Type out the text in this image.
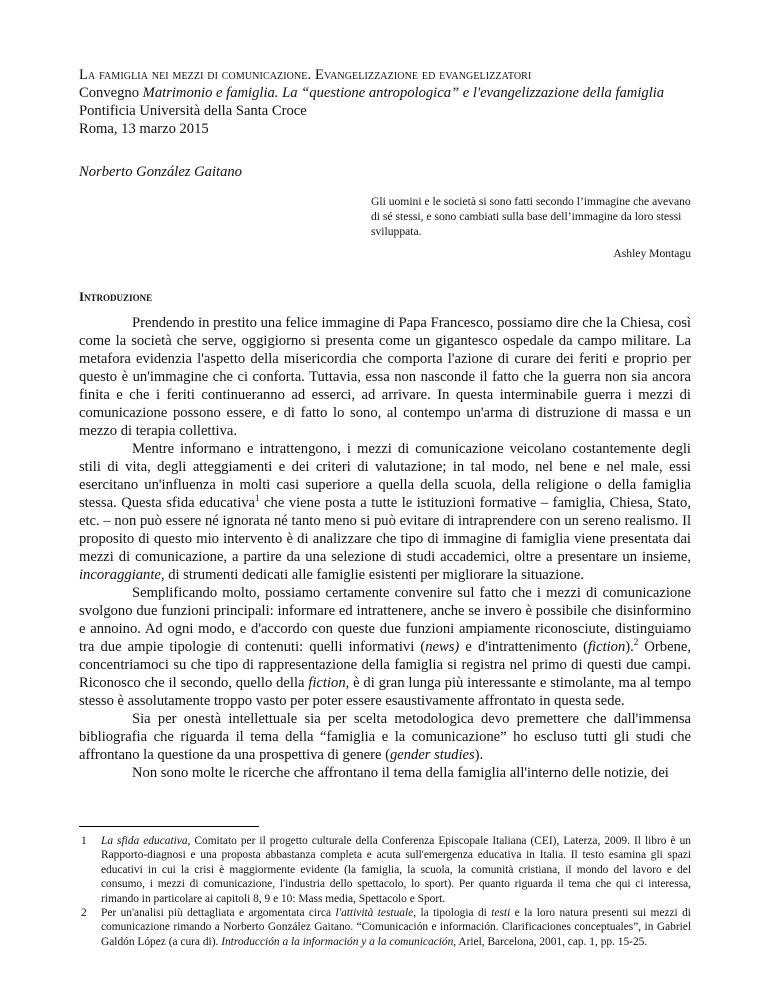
La famiglia nei mezzi di comunicazione. Evangelizzazione ed evangelizzatori
Convegno Matrimonio e famiglia. La “questione antropologica” e l'evangelizzazione della famiglia
Pontificia Università della Santa Croce
Roma, 13 marzo 2015
Norberto González Gaitano
Gli uomini e le società si sono fatti secondo l’immagine che avevano di sé stessi, e sono cambiati sulla base dell’immagine da loro stessi sviluppata.
Ashley Montagu
Introduzione

Prendendo in prestito una felice immagine di Papa Francesco, possiamo dire che la Chiesa, così come la società che serve, oggigiorno si presenta come un gigantesco ospedale da campo militare. La metafora evidenzia l'aspetto della misericordia che comporta l'azione di curare dei feriti e proprio per questo è un'immagine che ci conforta. Tuttavia, essa non nasconde il fatto che la guerra non sia ancora finita e che i feriti continueranno ad esserci, ad arrivare. In questa interminabile guerra i mezzi di comunicazione possono essere, e di fatto lo sono, al contempo un'arma di distruzione di massa e un mezzo di terapia collettiva.

Mentre informano e intrattengono, i mezzi di comunicazione veicolano costantemente degli stili di vita, degli atteggiamenti e dei criteri di valutazione; in tal modo, nel bene e nel male, essi esercitano un'influenza in molti casi superiore a quella della scuola, della religione o della famiglia stessa. Questa sfida educativa$^1$ che viene posta a tutte le istituzioni formative – famiglia, Chiesa, Stato, etc. – non può essere né ignorata né tanto meno si può evitare di intraprendere con un sereno realismo. Il proposito di questo mio intervento è di analizzare che tipo di immagine di famiglia viene presentata dai mezzi di comunicazione, a partire da una selezione di studi accademici, oltre a presentare un insieme, incoraggiante, di strumenti dedicati alle famiglie esistenti per migliorare la situazione.

Semplificando molto, possiamo certamente convenire sul fatto che i mezzi di comunicazione svolgono due funzioni principali: informare ed intrattenere, anche se invero è possibile che disinformino e annoino. Ad ogni modo, e d'accordo con queste due funzioni ampiamente riconosciute, distinguiamo tra due ampie tipologie di contenuti: quelli informativi (news) e d'intrattenimento (fiction).$^2$ Orbene, concentriamoci su che tipo di rappresentazione della famiglia si registra nel primo di questi due campi. Riconosco che il secondo, quello della fiction, è di gran lunga più interessante e stimolante, ma al tempo stesso è assolutamente troppo vasto per poter essere esaustivamente affrontato in questa sede.

Sia per onestà intellettuale sia per scelta metodologica devo premettere che dall'immensa bibliografia che riguarda il tema della “famiglia e la comunicazione” ho escluso tutti gli studi che affrontano la questione da una prospettiva di genere (gender studies).

Non sono molte le ricerche che affrontano il tema della famiglia all'interno delle notizie, dei

1 La sfida educativa, Comitato per il progetto culturale della Conferenza Episcopale Italiana (CEI), Laterza, 2009. Il libro è un Rapporto-diagnosi e una proposta abbastanza completa e acuta sull'emergenza educativa in Italia. Il testo esamina gli spazi educativi in cui la crisi è maggiormente evidente (la famiglia, la scuola, la comunità cristiana, il mondo del lavoro e del consumo, i mezzi di comunicazione, l'industria dello spettacolo, lo sport). Per quanto riguarda il tema che qui ci interessa, rimando in particolare ai capitoli 8, 9 e 10: Mass media, Spettacolo e Sport.
2 Per un'analisi più dettagliata e argomentata circa l'attività testuale, la tipologia di testi e la loro natura presenti sui mezzi di comunicazione rimando a Norberto González Gaitano. “Comunicación e información. Clarificaciones conceptuales”, in Gabriel Galdón López (a cura di). Introducción a la información y a la comunicación, Ariel, Barcelona, 2001, cap. 1, pp. 15-25.
